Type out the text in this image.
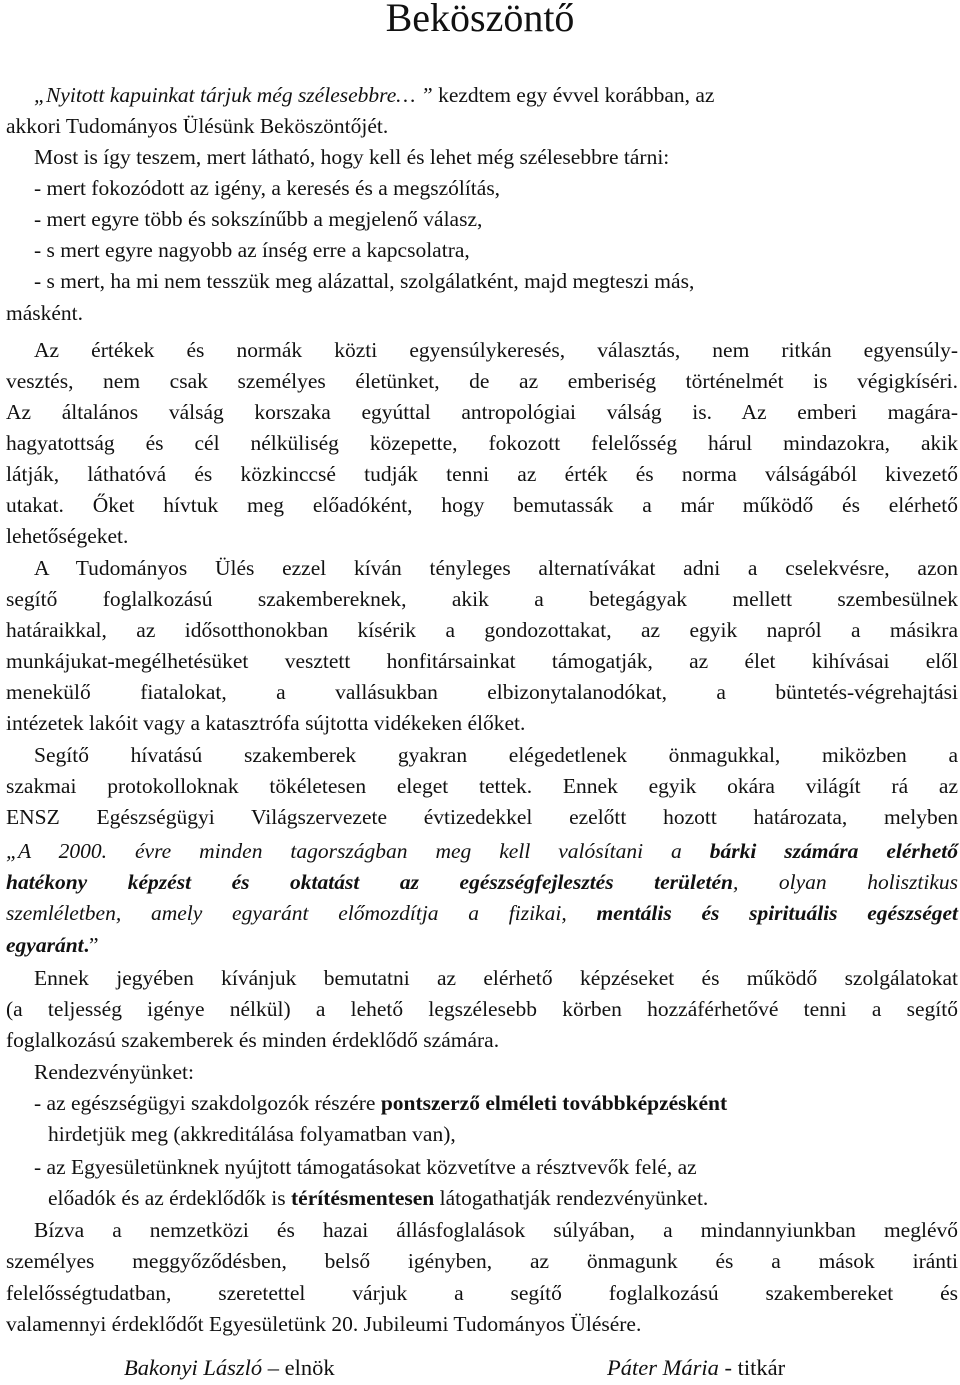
Beköszöntő

„Nyitott kapuinkat tárjuk még szélesebbre… ” kezdtem egy évvel korábban, az

akkori Tudományos Ülésünk Beköszöntőjét.

Most is így teszem, mert látható, hogy kell és lehet még szélesebbre tárni:

- mert fokozódott az igény, a keresés és a megszólítás,

- mert egyre több és sokszínűbb a megjelenő válasz,

- s mert egyre nagyobb az ínség erre a kapcsolatra,

- s mert, ha mi nem tesszük meg alázattal, szolgálatként, majd megteszi más,

másként.

Az értékek és normák közti egyensúlykeresés, választás, nem ritkán egyensúly-

vesztés, nem csak személyes életünket, de az emberiség történelmét is végigkíséri.

Az általános válság korszaka egyúttal antropológiai válság is. Az emberi magára-

hagyatottság és cél nélküliség közepette, fokozott felelősség hárul mindazokra, akik

látják, láthatóvá és közkinccsé tudják tenni az érték és norma válságából kivezető

utakat. Őket hívtuk meg előadóként, hogy bemutassák a már működő és elérhető

lehetőségeket.

A Tudományos Ülés ezzel kíván tényleges alternatívákat adni a cselekvésre, azon

segítő foglalkozású szakembereknek, akik a betegágyak mellett szembesülnek

határaikkal, az idősotthonokban kísérik a gondozottakat, az egyik napról a másikra

munkájukat-megélhetésüket vesztett honfitársainkat támogatják, az élet kihívásai elől

menekülő fiatalokat, a vallásukban elbizonytalanodókat, a büntetés-végrehajtási

intézetek lakóit vagy a katasztrófa sújtotta vidékeken élőket.

Segítő hívatású szakemberek gyakran elégedetlenek önmagukkal, miközben a

szakmai protokolloknak tökéletesen eleget tettek. Ennek egyik okára világít rá az

ENSZ Egészségügyi Világszervezete évtizedekkel ezelőtt hozott határozata, melyben

„A 2000. évre minden tagországban meg kell valósítani a bárki számára elérhető

hatékony képzést és oktatást az egészségfejlesztés területén, olyan holisztikus

szemléletben, amely egyaránt előmozdítja a fizikai, mentális és spirituális egészséget

egyaránt.”

Ennek jegyében kívánjuk bemutatni az elérhető képzéseket és működő szolgálatokat

(a teljesség igénye nélkül) a lehető legszélesebb körben hozzáférhetővé tenni a segítő

foglalkozású szakemberek és minden érdeklődő számára.

Rendezvényünket:

- az egészségügyi szakdolgozók részére pontszerző elméleti továbbképzésként

hirdetjük meg (akkreditálása folyamatban van),

- az Egyesületünknek nyújtott támogatásokat közvetítve a résztvevők felé, az

előadók és az érdeklődők is térítésmentesen látogathatják rendezvényünket.

Bízva a nemzetközi és hazai állásfoglalások súlyában, a mindannyiunkban meglévő

személyes meggyőződésben, belső igényben, az önmagunk és a mások iránti

felelősségtudatban, szeretettel várjuk a segítő foglalkozású szakembereket és

valamennyi érdeklődőt Egyesületünk 20. Jubileumi Tudományos Ülésére.

Bakonyi László – elnök	Páter Mária - titkár
